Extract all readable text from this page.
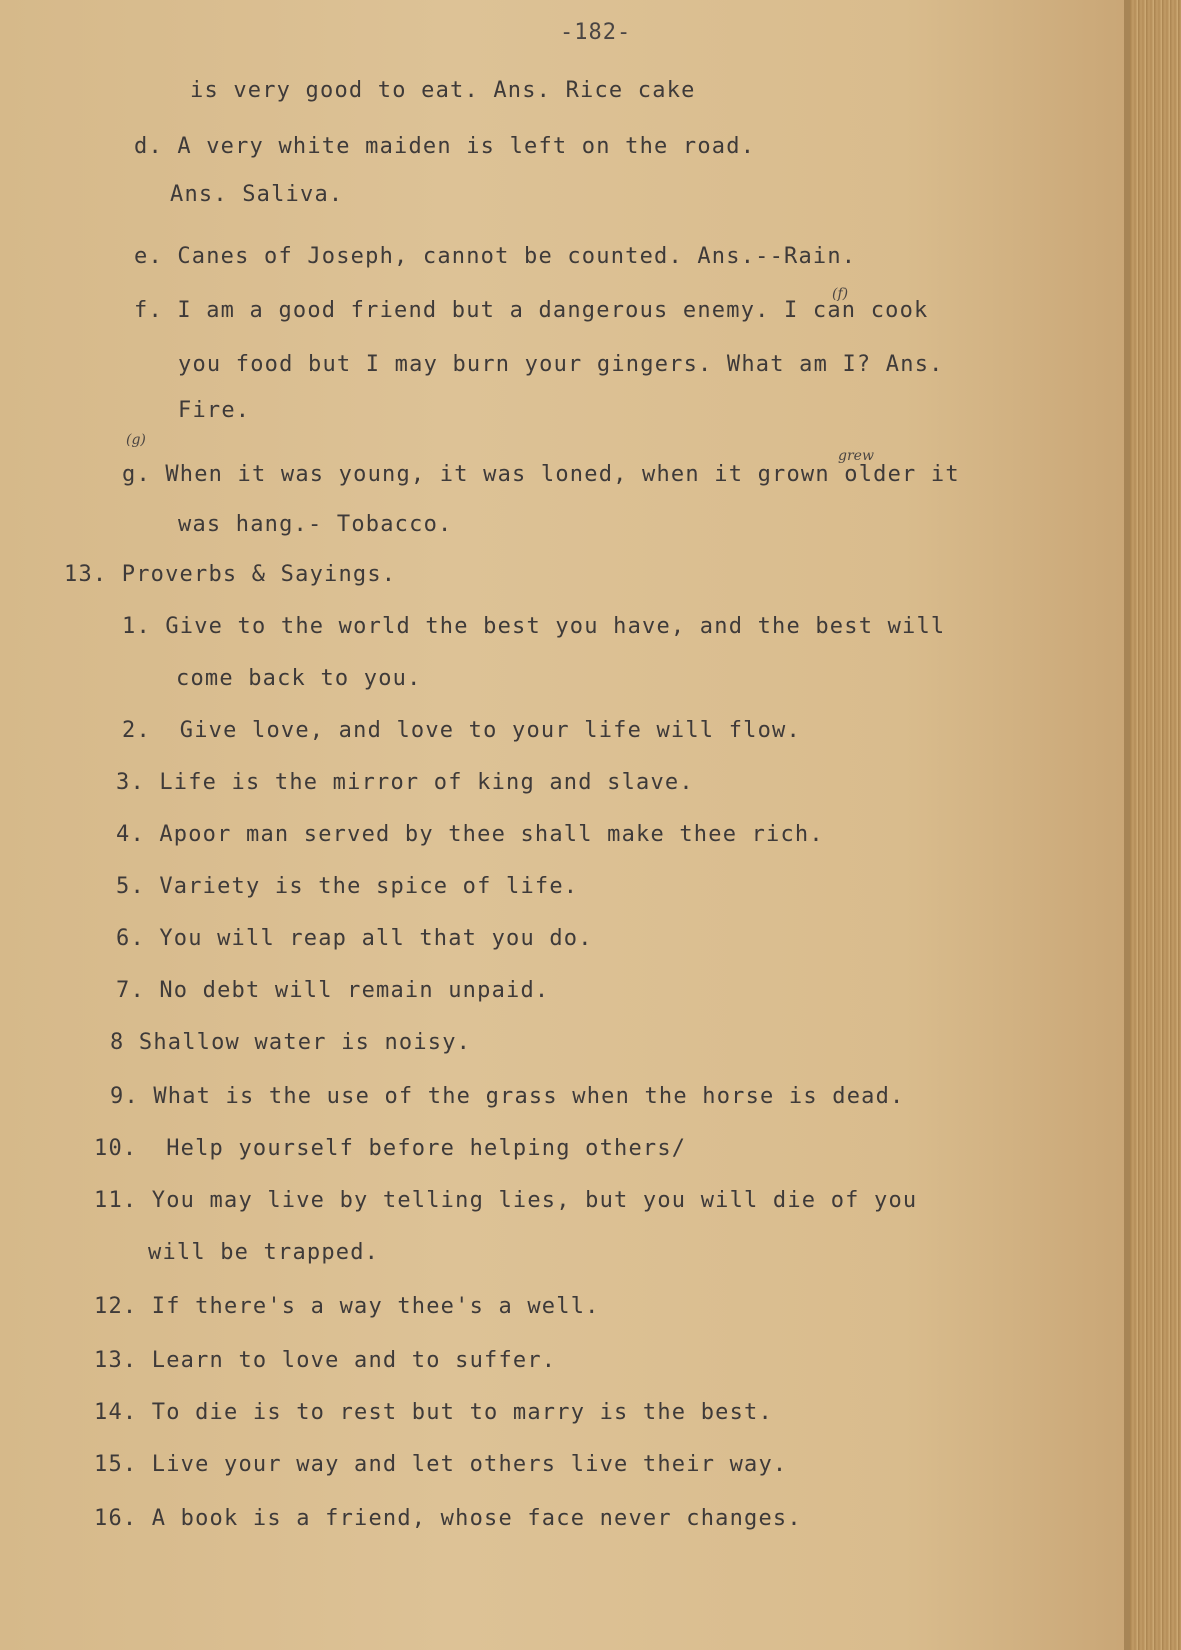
-182-

is very good to eat. Ans. Rice cake

d. A very white maiden is left on the road.

Ans. Saliva.

e. Canes of Joseph, cannot be counted. Ans.--Rain.

(f)

f. I am a good friend but a dangerous enemy. I can cook

you food but I may burn your gingers. What am I? Ans.

Fire.

(g)

grew

g. When it was young, it was loned, when it grown older it

was hang.- Tobacco.

13. Proverbs & Sayings.

1. Give to the world the best you have, and the best will

come back to you.

2.  Give love, and love to your life will flow.

3. Life is the mirror of king and slave.

4. Apoor man served by thee shall make thee rich.

5. Variety is the spice of life.

6. You will reap all that you do.

7. No debt will remain unpaid.

8 Shallow water is noisy.

9. What is the use of the grass when the horse is dead.

10.  Help yourself before helping others/

11. You may live by telling lies, but you will die of you

will be trapped.

12. If there's a way thee's a well.

13. Learn to love and to suffer.

14. To die is to rest but to marry is the best.

15. Live your way and let others live their way.

16. A book is a friend, whose face never changes.
